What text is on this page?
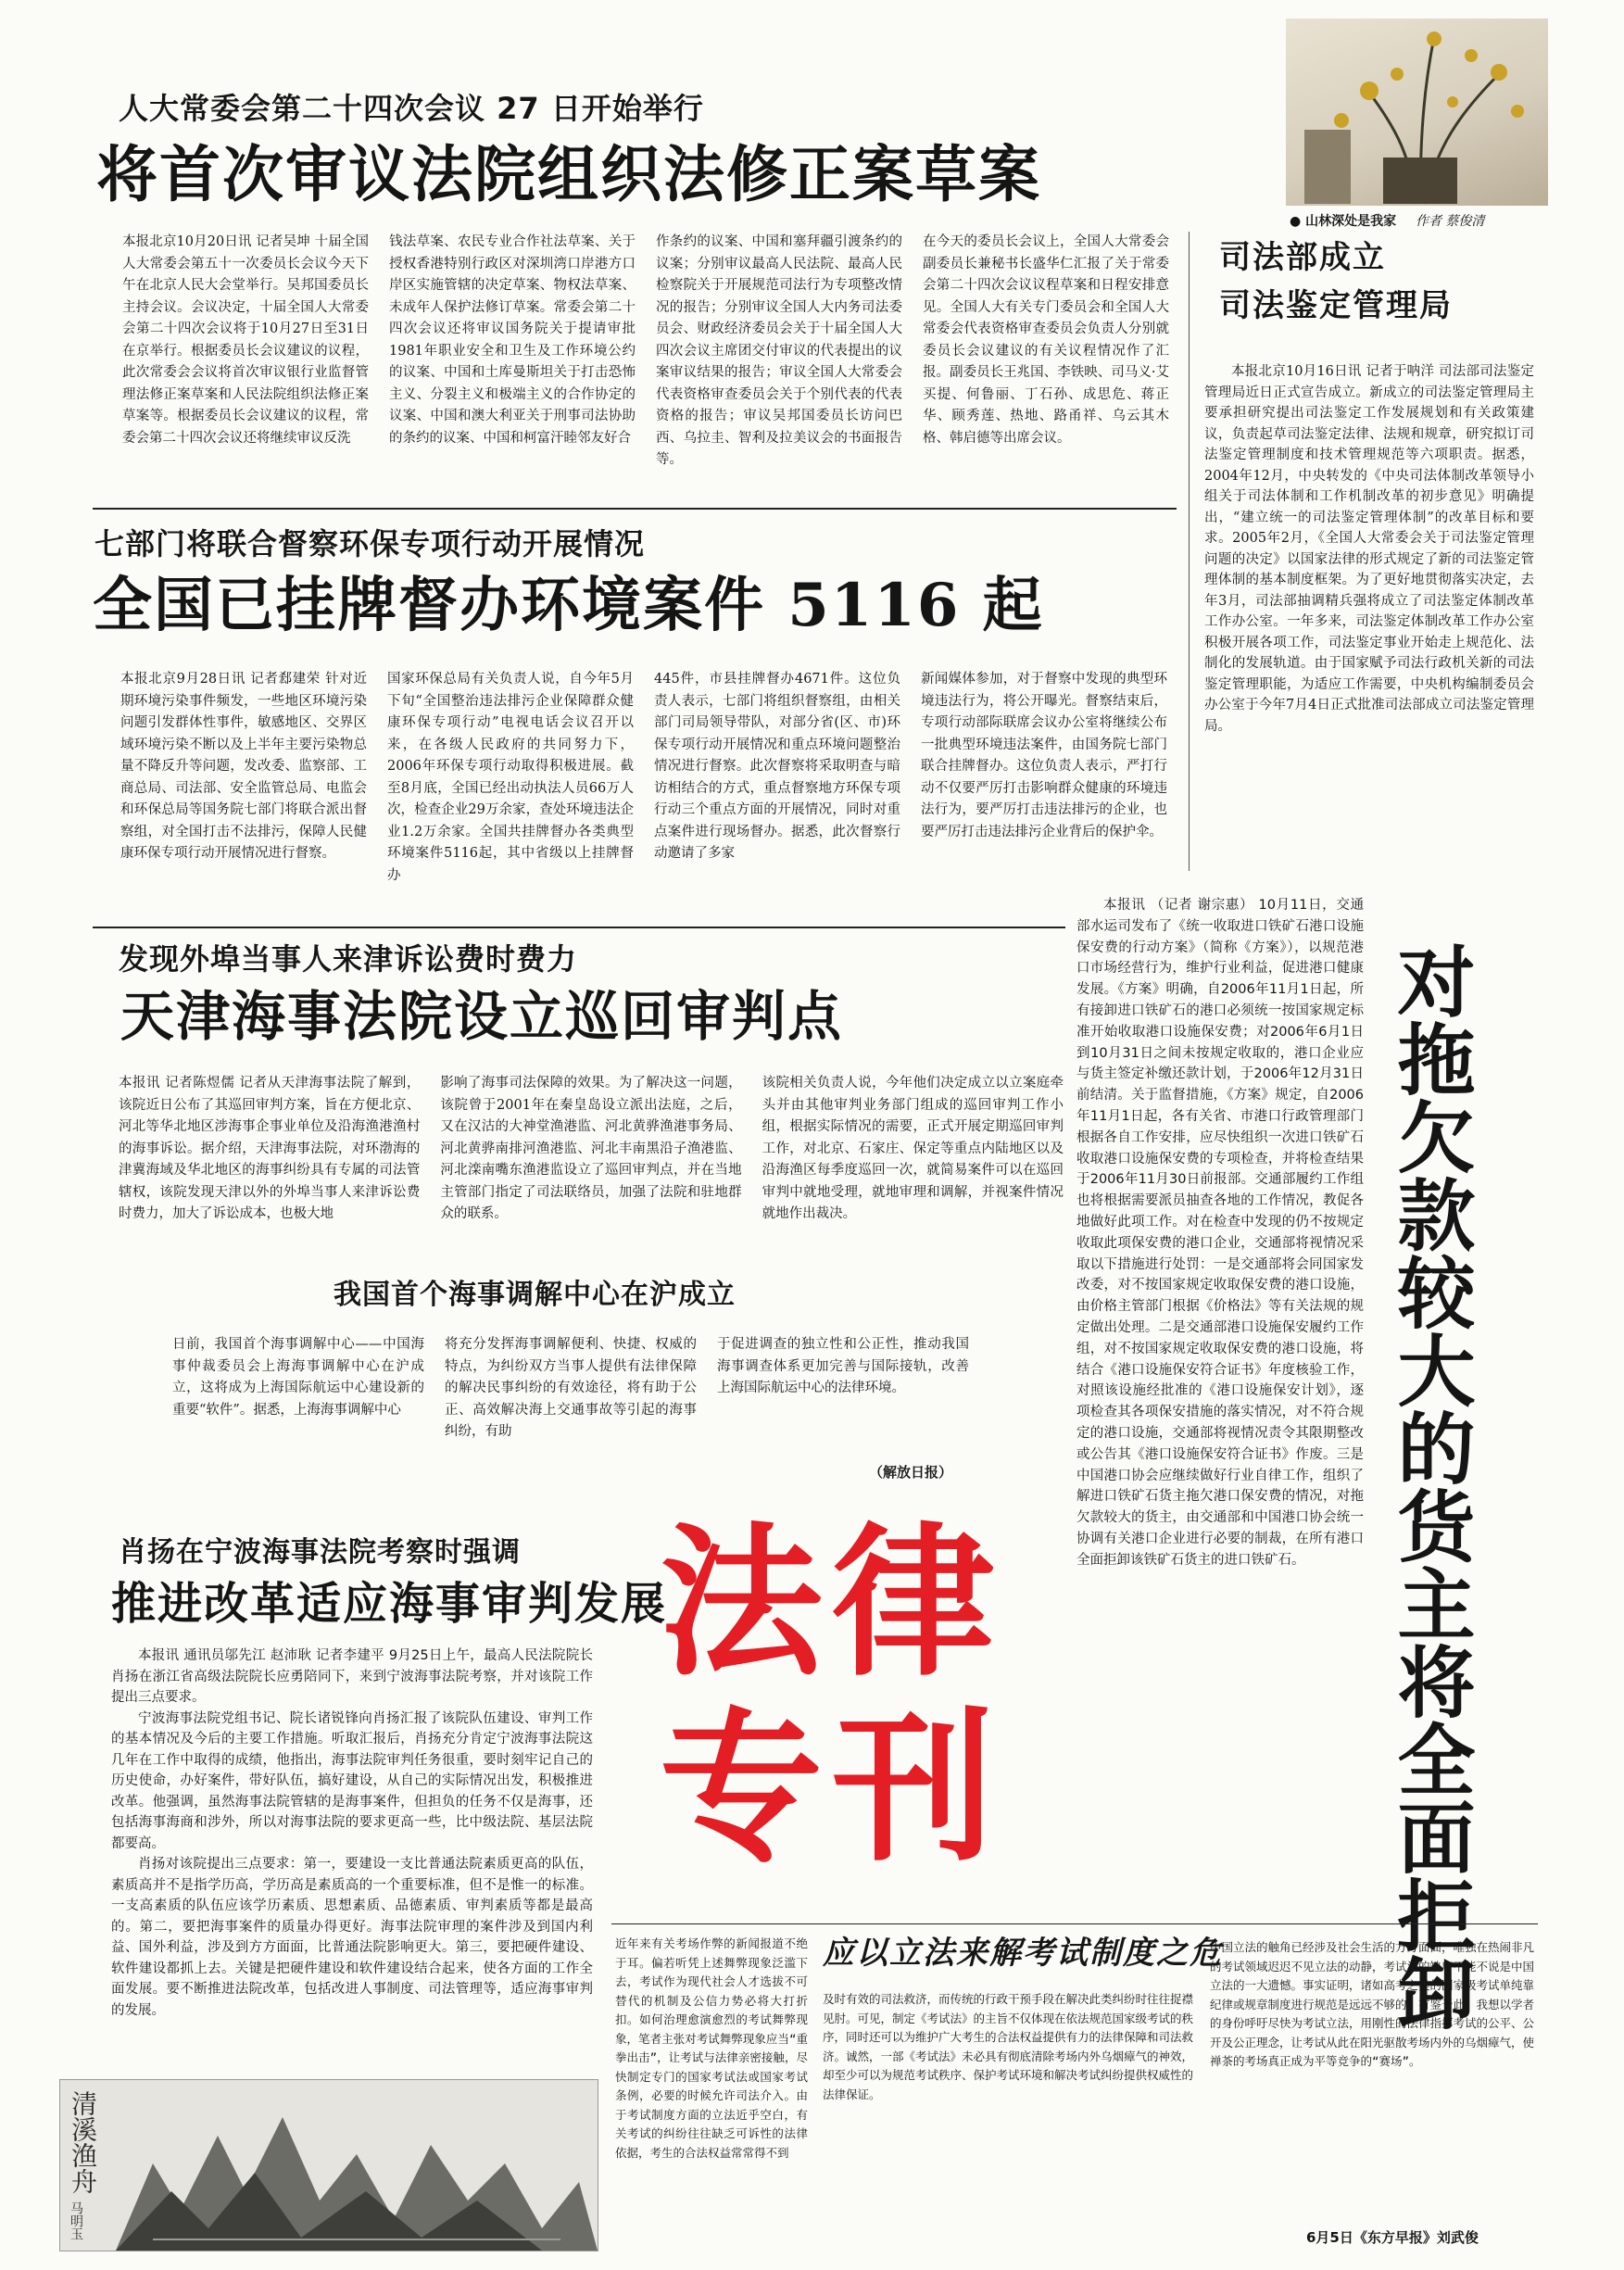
人大常委会第二十四次会议 27 日开始举行
将首次审议法院组织法修正案草案
本报北京10月20日讯 记者吴坤 十届全国人大常委会第五十一次委员长会议今天下午在北京人民大会堂举行。吴邦国委员长主持会议。会议决定，十届全国人大常委会第二十四次会议将于10月27日至31日在京举行。根据委员长会议建议的议程，此次常委会会议将首次审议银行业监督管理法修正案草案和人民法院组织法修正案草案等。根据委员长会议建议的议程，常委会第二十四次会议还将继续审议反洗
钱法草案、农民专业合作社法草案、关于授权香港特别行政区对深圳湾口岸港方口岸区实施管辖的决定草案、物权法草案、未成年人保护法修订草案。常委会第二十四次会议还将审议国务院关于提请审批1981年职业安全和卫生及工作环境公约的议案、中国和土库曼斯坦关于打击恐怖主义、分裂主义和极端主义的合作协定的议案、中国和澳大利亚关于刑事司法协助的条约的议案、中国和柯富汗睦邻友好合
作条约的议案、中国和塞拜疆引渡条约的议案；分别审议最高人民法院、最高人民检察院关于开展规范司法行为专项整改情况的报告；分别审议全国人大内务司法委员会、财政经济委员会关于十届全国人大四次会议主席团交付审议的代表提出的议案审议结果的报告；审议全国人大常委会代表资格审查委员会关于个别代表的代表资格的报告；审议吴邦国委员长访问巴西、乌拉圭、智利及拉美议会的书面报告等。
在今天的委员长会议上，全国人大常委会副委员长兼秘书长盛华仁汇报了关于常委会第二十四次会议议程草案和日程安排意见。全国人大有关专门委员会和全国人大常委会代表资格审查委员会负责人分别就委员长会议建议的有关议程情况作了汇报。副委员长王兆国、李铁映、司马义·艾买提、何鲁丽、丁石孙、成思危、蒋正华、顾秀莲、热地、路甬祥、乌云其木格、韩启德等出席会议。
● 山林深处是我家 作者 蔡俊清
司法部成立
司法鉴定管理局
本报北京10月16日讯 记者于呐洋 司法部司法鉴定管理局近日正式宣告成立。新成立的司法鉴定管理局主要承担研究提出司法鉴定工作发展规划和有关政策建议，负责起草司法鉴定法律、法规和规章，研究拟订司法鉴定管理制度和技术管理规范等六项职责。据悉，2004年12月，中央转发的《中央司法体制改革领导小组关于司法体制和工作机制改革的初步意见》明确提出，“建立统一的司法鉴定管理体制”的改革目标和要求。2005年2月，《全国人大常委会关于司法鉴定管理问题的决定》以国家法律的形式规定了新的司法鉴定管理体制的基本制度框架。为了更好地贯彻落实决定，去年3月，司法部抽调精兵强将成立了司法鉴定体制改革工作办公室。一年多来，司法鉴定体制改革工作办公室积极开展各项工作，司法鉴定事业开始走上规范化、法制化的发展轨道。由于国家赋予司法行政机关新的司法鉴定管理职能，为适应工作需要，中央机构编制委员会办公室于今年7月4日正式批准司法部成立司法鉴定管理局。
七部门将联合督察环保专项行动开展情况
全国已挂牌督办环境案件 5116 起
本报北京9月28日讯 记者郄建荣 针对近期环境污染事件频发，一些地区环境污染问题引发群体性事件，敏感地区、交界区域环境污染不断以及上半年主要污染物总量不降反升等问题，发改委、监察部、工商总局、司法部、安全监管总局、电监会和环保总局等国务院七部门将联合派出督察组，对全国打击不法排污，保障人民健康环保专项行动开展情况进行督察。
国家环保总局有关负责人说，自今年5月下旬“全国整治违法排污企业保障群众健康环保专项行动”电视电话会议召开以来，在各级人民政府的共同努力下，2006年环保专项行动取得积极进展。截至8月底，全国已经出动执法人员66万人次，检查企业29万余家，查处环境违法企业1.2万余家。全国共挂牌督办各类典型环境案件5116起，其中省级以上挂牌督办
445件，市县挂牌督办4671件。这位负责人表示，七部门将组织督察组，由相关部门司局领导带队，对部分省(区、市)环保专项行动开展情况和重点环境问题整治情况进行督察。此次督察将采取明查与暗访相结合的方式，重点督察地方环保专项行动三个重点方面的开展情况，同时对重点案件进行现场督办。据悉，此次督察行动邀请了多家
新闻媒体参加，对于督察中发现的典型环境违法行为，将公开曝光。督察结束后，专项行动部际联席会议办公室将继续公布一批典型环境违法案件，由国务院七部门联合挂牌督办。这位负责人表示，严打行动不仅要严厉打击影响群众健康的环境违法行为，要严厉打击违法排污的企业，也要严厉打击违法排污企业背后的保护伞。
发现外埠当事人来津诉讼费时费力
天津海事法院设立巡回审判点
本报讯 记者陈煜儒 记者从天津海事法院了解到，该院近日公布了其巡回审判方案，旨在方便北京、河北等华北地区涉海事企事业单位及沿海渔港渔村的海事诉讼。据介绍，天津海事法院，对环渤海的津冀海域及华北地区的海事纠纷具有专属的司法管辖权，该院发现天津以外的外埠当事人来津诉讼费时费力，加大了诉讼成本，也极大地
影响了海事司法保障的效果。为了解决这一问题，该院曾于2001年在秦皇岛设立派出法庭，之后，又在汉沽的大神堂渔港监、河北黄骅渔港事务局、河北黄骅南排河渔港监、河北丰南黑沿子渔港监、河北滦南嘴东渔港监设立了巡回审判点，并在当地主管部门指定了司法联络员，加强了法院和驻地群众的联系。
该院相关负责人说，今年他们决定成立以立案庭牵头并由其他审判业务部门组成的巡回审判工作小组，根据实际情况的需要，正式开展定期巡回审判工作，对北京、石家庄、保定等重点内陆地区以及沿海渔区每季度巡回一次，就简易案件可以在巡回审判中就地受理，就地审理和调解，并视案件情况就地作出裁决。
我国首个海事调解中心在沪成立
日前，我国首个海事调解中心——中国海事仲裁委员会上海海事调解中心在沪成立，这将成为上海国际航运中心建设新的重要“软件”。据悉，上海海事调解中心
将充分发挥海事调解便利、快捷、权威的特点，为纠纷双方当事人提供有法律保障的解决民事纠纷的有效途径，将有助于公正、高效解决海上交通事故等引起的海事纠纷，有助
于促进调查的独立性和公正性，推动我国海事调查体系更加完善与国际接轨，改善上海国际航运中心的法律环境。
（解放日报）
本报讯 （记者 谢宗惠） 10月11日，交通部水运司发布了《统一收取进口铁矿石港口设施保安费的行动方案》（简称《方案》），以规范港口市场经营行为，维护行业利益，促进港口健康发展。《方案》明确，自2006年11月1日起，所有接卸进口铁矿石的港口必须统一按国家规定标准开始收取港口设施保安费；对2006年6月1日到10月31日之间未按规定收取的，港口企业应与货主签定补缴还款计划，于2006年12月31日前结清。关于监督措施，《方案》规定，自2006年11月1日起，各有关省、市港口行政管理部门根据各自工作安排，应尽快组织一次进口铁矿石收取港口设施保安费的专项检查，并将检查结果于2006年11月30日前报部。交通部履约工作组也将根据需要派员抽查各地的工作情况，教促各地做好此项工作。对在检查中发现的仍不按规定收取此项保安费的港口企业，交通部将视情况采取以下措施进行处罚：一是交通部将会同国家发改委，对不按国家规定收取保安费的港口设施，由价格主管部门根据《价格法》等有关法规的规定做出处理。二是交通部港口设施保安履约工作组，对不按国家规定收取保安费的港口设施，将结合《港口设施保安符合证书》年度核验工作，对照该设施经批准的《港口设施保安计划》，逐项检查其各项保安措施的落实情况，对不符合规定的港口设施，交通部将视情况责令其限期整改或公告其《港口设施保安符合证书》作废。三是中国港口协会应继续做好行业自律工作，组织了解进口铁矿石货主拖欠港口保安费的情况，对拖欠款较大的货主，由交通部和中国港口协会统一协调有关港口企业进行必要的制裁，在所有港口全面拒卸该铁矿石货主的进口铁矿石。	对拖欠款较大的货主将全面拒卸
肖扬在宁波海事法院考察时强调
推进改革适应海事审判发展

本报讯 通讯员邬先江 赵沛耿 记者李建平 9月25日上午，最高人民法院院长肖扬在浙江省高级法院院长应勇陪同下，来到宁波海事法院考察，并对该院工作提出三点要求。

宁波海事法院党组书记、院长诸锐锋向肖扬汇报了该院队伍建设、审判工作的基本情况及今后的主要工作措施。听取汇报后，肖扬充分肯定宁波海事法院这几年在工作中取得的成绩，他指出，海事法院审判任务很重，要时刻牢记自己的历史使命，办好案件，带好队伍，搞好建设，从自己的实际情况出发，积极推进改革。他强调，虽然海事法院管辖的是海事案件，但担负的任务不仅是海事，还包括海事海商和涉外，所以对海事法院的要求更高一些，比中级法院、基层法院都要高。

肖扬对该院提出三点要求：第一，要建设一支比普通法院素质更高的队伍，素质高并不是指学历高，学历高是素质高的一个重要标准，但不是惟一的标准。一支高素质的队伍应该学历素质、思想素质、品德素质、审判素质等都是最高的。第二，要把海事案件的质量办得更好。海事法院审理的案件涉及到国内利益、国外利益，涉及到方方面面，比普通法院影响更大。第三，要把硬件建设、软件建设都抓上去。关键是把硬件建设和软件建设结合起来，使各方面的工作全面发展。要不断推进法院改革，包括改进人事制度、司法管理等，适应海事审判的发展。

法律
专刊
应以立法来解考试制度之危
近年来有关考场作弊的新闻报道不绝于耳。偏若听凭上述舞弊现象泛滥下去，考试作为现代社会人才选拔不可替代的机制及公信力势必将大打折扣。如何治理愈演愈烈的考试舞弊现象，笔者主张对考试舞弊现象应当“重拳出击”，让考试与法律亲密接触，尽快制定专门的国家考试法或国家考试条例，必要的时候允许司法介入。由于考试制度方面的立法近乎空白，有关考试的纠纷往往缺乏可诉性的法律依据，考生的合法权益常常得不到
及时有效的司法救济，而传统的行政干预手段在解决此类纠纷时往往捉襟见肘。可见，制定《考试法》的主旨不仅体现在依法规范国家级考试的秩序，同时还可以为维护广大考生的合法权益提供有力的法律保障和司法救济。诚然，一部《考试法》未必具有彻底清除考场内外乌烟瘴气的神效，却至少可以为规范考试秩序、保护考试环境和解决考试纠纷提供权威性的法律保证。
中国立法的触角已经涉及社会生活的方方面面，唯独在热闹非凡的考试领域迟迟不见立法的动静，考试法的缺席不能不说是中国立法的一大遗憾。事实证明，诸如高考之类的国家级考试单纯靠纪律或规章制度进行规范是远远不够的。有鉴于此，我想以学者的身份呼吁尽快为考试立法，用刚性的法律指挥考试的公平、公开及公正理念，让考试从此在阳光驱散考场内外的乌烟瘴气，使禅茶的考场真正成为平等竞争的“赛场”。
6月5日《东方早报》刘武俊
清溪渔舟
马明玉
